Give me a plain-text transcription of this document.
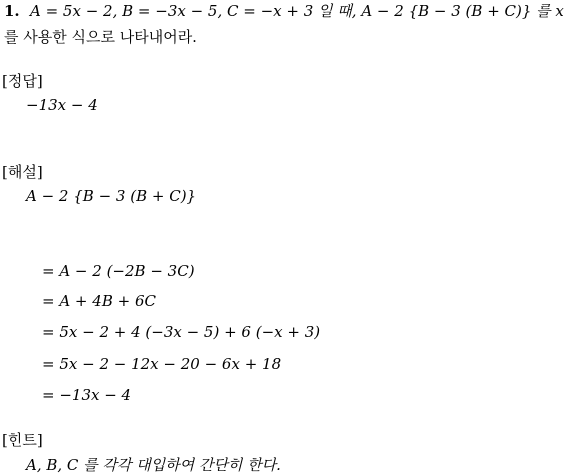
1. A = 5x − 2, B = −3x − 5, C = −x + 3 일 때, A − 2 {B − 3 (B + C)} 를 x
를 사용한 식으로 나타내어라.
[정답]
−13x − 4
[해설]
A − 2 {B − 3 (B + C)}
= A − 2 (−2B − 3C)
= A + 4B + 6C
= 5x − 2 + 4 (−3x − 5) + 6 (−x + 3)
= 5x − 2 − 12x − 20 − 6x + 18
= −13x − 4
[힌트]
A, B, C 를 각각 대입하여 간단히 한다.
